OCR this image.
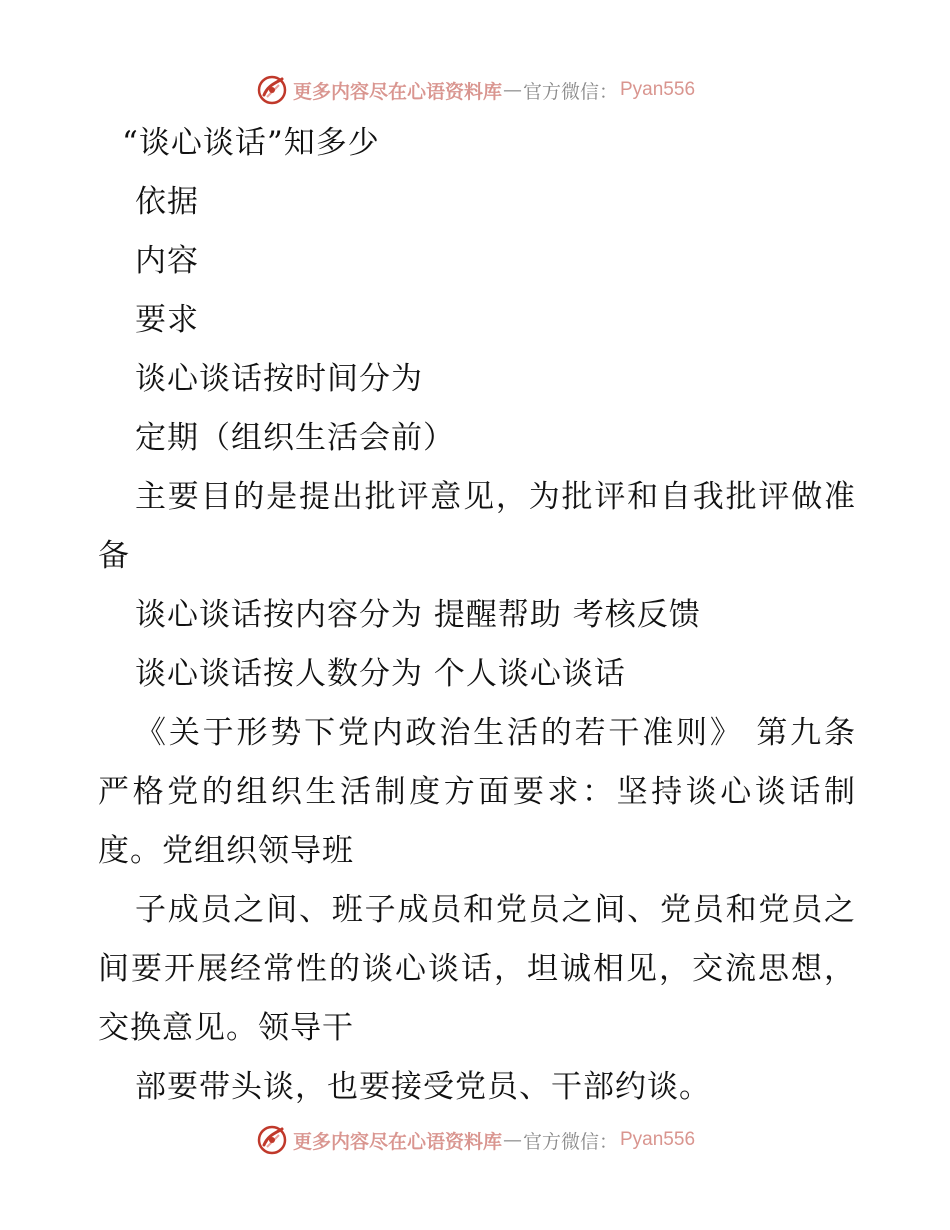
更多内容尽在心语资料库 — 官方微信： Pyan556
“谈心谈话”知多少
依据
内容
要求
谈心谈话按时间分为
定期（组织生活会前）

主要目的是提出批评意见，为批评和自我批评做准备

谈心谈话按内容分为 提醒帮助 考核反馈
谈心谈话按人数分为 个人谈心谈话

《关于形势下党内政治生活的若干准则》 第九条 严格党的组织生活制度方面要求：坚持谈心谈话制度。党组织领导班

子成员之间、班子成员和党员之间、党员和党员之间要开展经常性的谈心谈话，坦诚相见，交流思想，交换意见。领导干

部要带头谈，也要接受党员、干部约谈。

更多内容尽在心语资料库 — 官方微信： Pyan556
